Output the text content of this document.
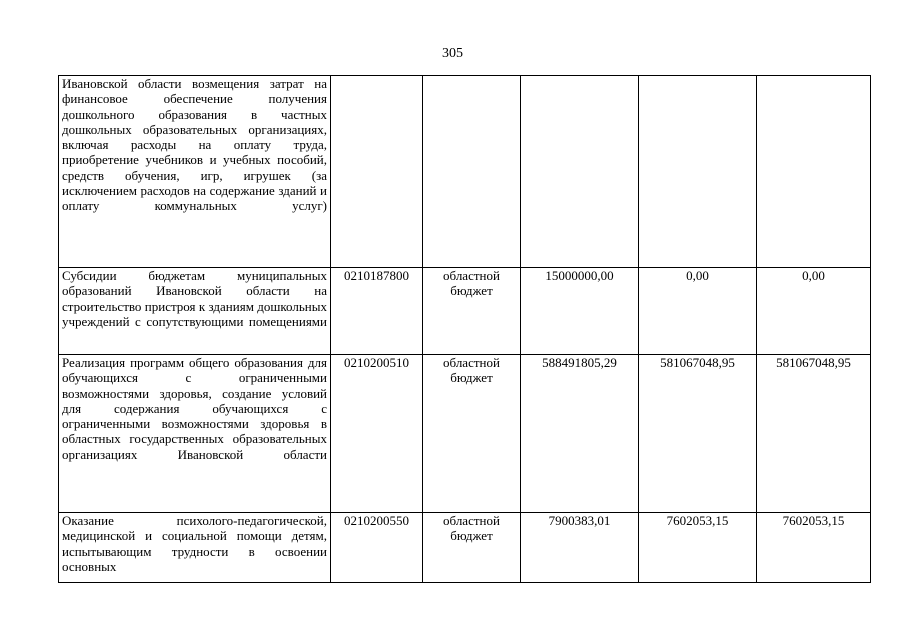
305
Ивановской области возмещения затрат на финансовое обеспечение получения дошкольного образования в частных дошкольных образовательных организациях, включая расходы на оплату труда, приобретение учебников и учебных пособий, средств обучения, игр, игрушек (за исключением расходов на содержание зданий и оплату коммунальных услуг)					

Субсидии бюджетам муниципальных образований Ивановской области на строительство пристроя к зданиям дошкольных учреждений с сопутствующими помещениями	0210187800	областной бюджет	15000000,00	0,00	0,00

Реализация программ общего образования для обучающихся с ограниченными возможностями здоровья, создание условий для содержания обучающихся с ограниченными возможностями здоровья в областных государственных образовательных организациях Ивановской области	0210200510	областной бюджет	588491805,29	581067048,95	581067048,95

Оказание психолого-педагогической, медицинской и социальной помощи детям, испытывающим трудности в освоении основных	0210200550	областной бюджет	7900383,01	7602053,15	7602053,15
